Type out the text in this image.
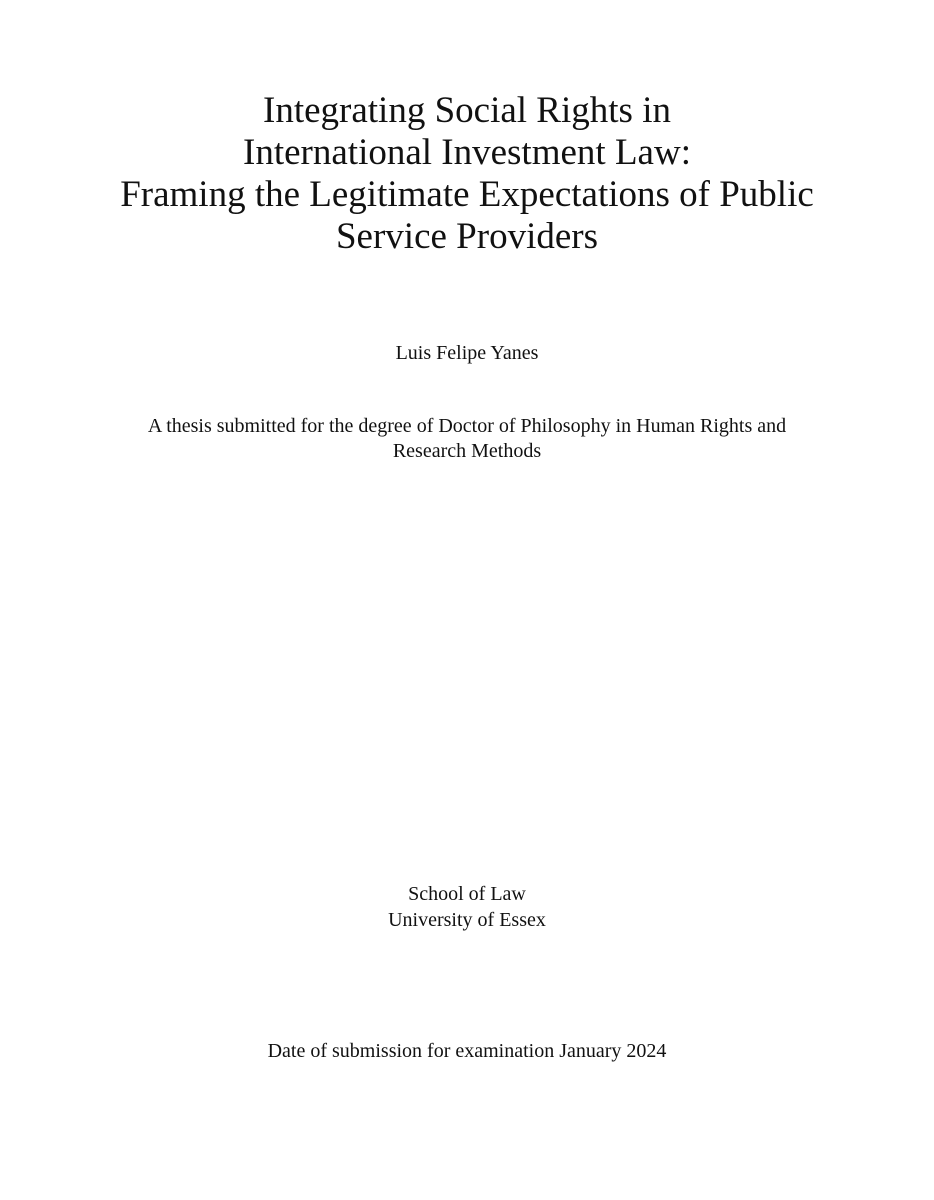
Integrating Social Rights in
International Investment Law:
Framing the Legitimate Expectations of Public
Service Providers
Luis Felipe Yanes
A thesis submitted for the degree of Doctor of Philosophy in Human Rights and
Research Methods
School of Law
University of Essex
Date of submission for examination January 2024
